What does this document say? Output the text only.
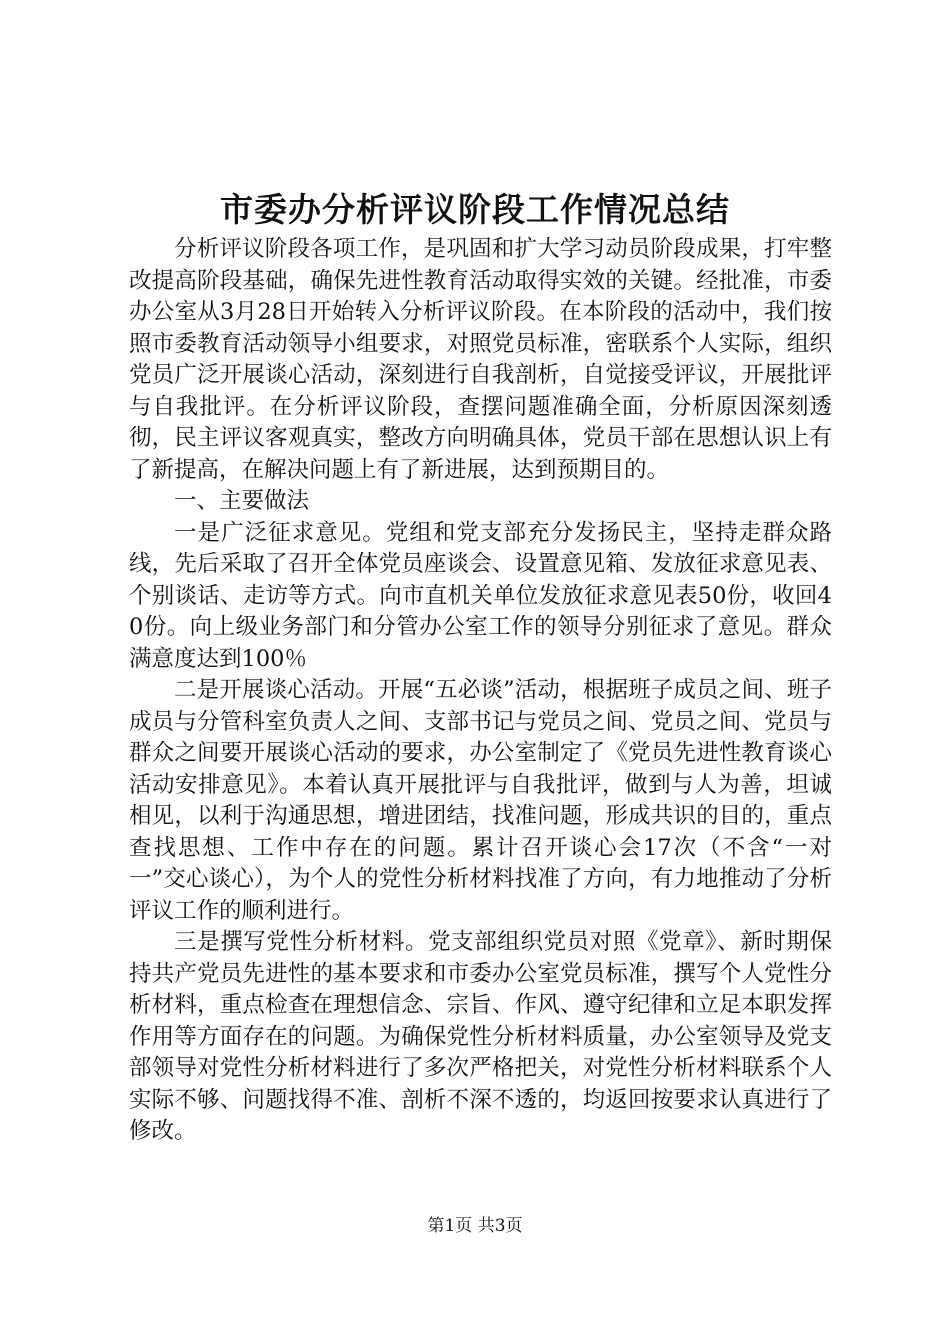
市委办分析评议阶段工作情况总结

分析评议阶段各项工作，是巩固和扩大学习动员阶段成果，打牢整改提高阶段基础，确保先进性教育活动取得实效的关键。经批准，市委办公室从3月28日开始转入分析评议阶段。在本阶段的活动中，我们按照市委教育活动领导小组要求，对照党员标准，密联系个人实际，组织党员广泛开展谈心活动，深刻进行自我剖析，自觉接受评议，开展批评与自我批评。在分析评议阶段，查摆问题准确全面，分析原因深刻透彻，民主评议客观真实，整改方向明确具体，党员干部在思想认识上有了新提高，在解决问题上有了新进展，达到预期目的。

一、主要做法

一是广泛征求意见。党组和党支部充分发扬民主，坚持走群众路线，先后采取了召开全体党员座谈会、设置意见箱、发放征求意见表、个别谈话、走访等方式。向市直机关单位发放征求意见表50份，收回40份。向上级业务部门和分管办公室工作的领导分别征求了意见。群众满意度达到100％

二是开展谈心活动。开展“五必谈”活动，根据班子成员之间、班子成员与分管科室负责人之间、支部书记与党员之间、党员之间、党员与群众之间要开展谈心活动的要求，办公室制定了《党员先进性教育谈心活动安排意见》。本着认真开展批评与自我批评，做到与人为善，坦诚相见，以利于沟通思想，增进团结，找准问题，形成共识的目的，重点查找思想、工作中存在的问题。累计召开谈心会17次（不含“一对一”交心谈心），为个人的党性分析材料找准了方向，有力地推动了分析评议工作的顺利进行。

三是撰写党性分析材料。党支部组织党员对照《党章》、新时期保持共产党员先进性的基本要求和市委办公室党员标准，撰写个人党性分析材料，重点检查在理想信念、宗旨、作风、遵守纪律和立足本职发挥作用等方面存在的问题。为确保党性分析材料质量，办公室领导及党支部领导对党性分析材料进行了多次严格把关，对党性分析材料联系个人实际不够、问题找得不准、剖析不深不透的，均返回按要求认真进行了修改。

第1页 共3页
